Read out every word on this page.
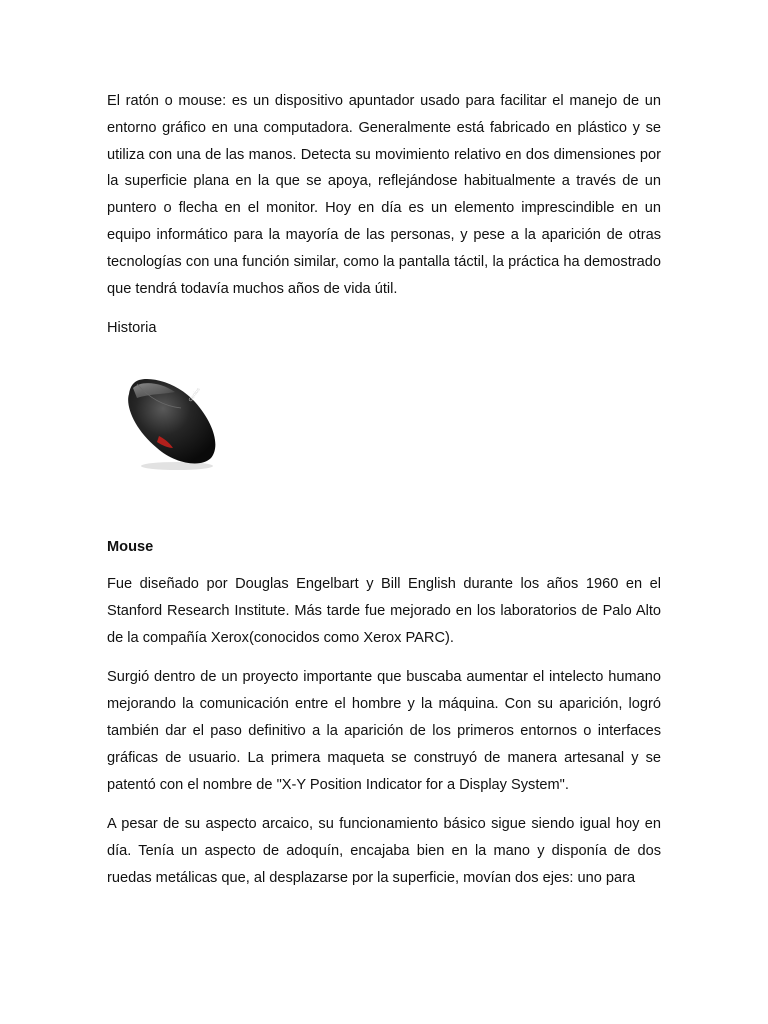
El ratón o mouse: es un dispositivo apuntador usado para facilitar el manejo de un entorno gráfico en una computadora. Generalmente está fabricado en plástico y se utiliza con una de las manos. Detecta su movimiento relativo en dos dimensiones por la superficie plana en la que se apoya, reflejándose habitualmente a través de un puntero o flecha en el monitor. Hoy en día es un elemento imprescindible en un equipo informático para la mayoría de las personas, y pese a la aparición de otras tecnologías con una función similar, como la pantalla táctil, la práctica ha demostrado que tendrá todavía muchos años de vida útil.

Historia

Genius

Mouse

Fue diseñado por Douglas Engelbart y Bill English durante los años 1960 en el Stanford Research Institute. Más tarde fue mejorado en los laboratorios de Palo Alto de la compañía Xerox(conocidos como Xerox PARC).

Surgió dentro de un proyecto importante que buscaba aumentar el intelecto humano mejorando la comunicación entre el hombre y la máquina. Con su aparición, logró también dar el paso definitivo a la aparición de los primeros entornos o interfaces gráficas de usuario. La primera maqueta se construyó de manera artesanal y se patentó con el nombre de "X-Y Position Indicator for a Display System".

A pesar de su aspecto arcaico, su funcionamiento básico sigue siendo igual hoy en día. Tenía un aspecto de adoquín, encajaba bien en la mano y disponía de dos ruedas metálicas que, al desplazarse por la superficie, movían dos ejes: uno para
